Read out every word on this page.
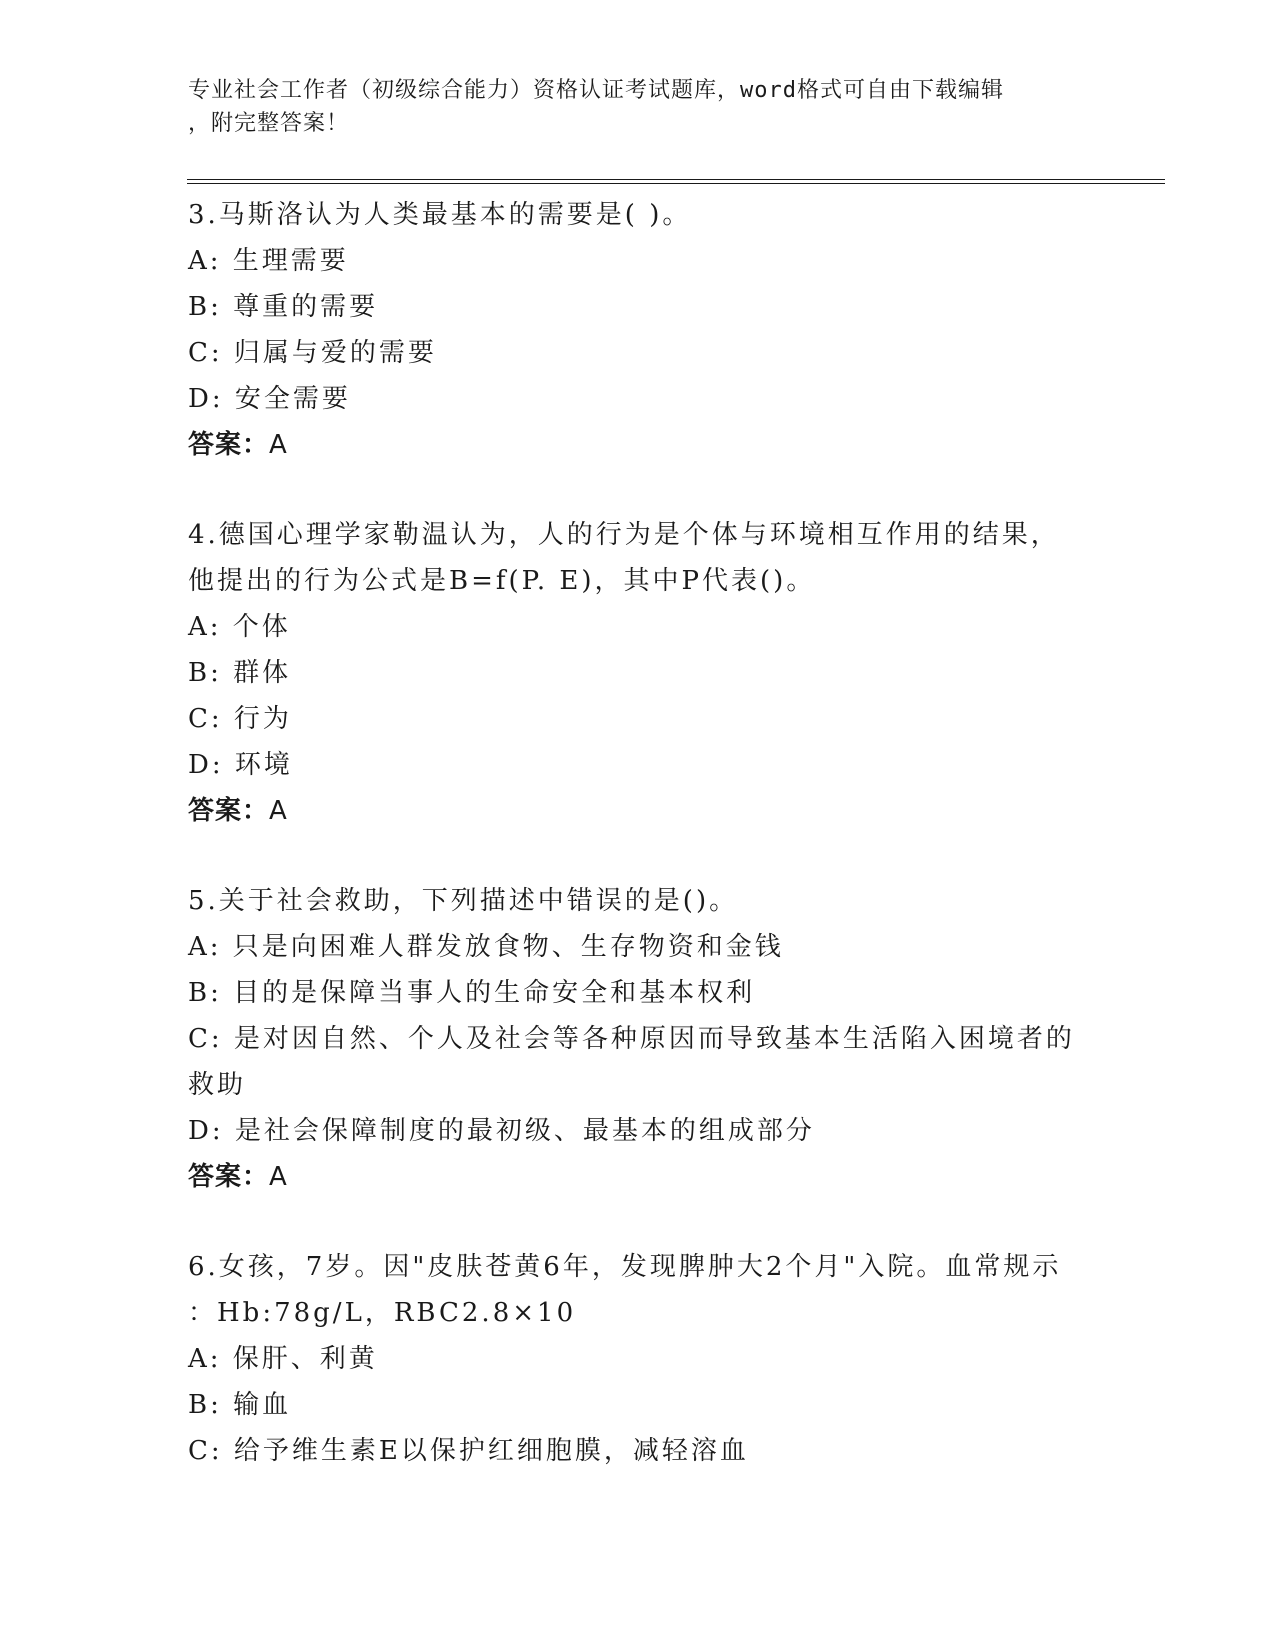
专业社会工作者（初级综合能力）资格认证考试题库，word格式可自由下载编辑
，附完整答案！
3.马斯洛认为人类最基本的需要是( )。
A: 生理需要
B: 尊重的需要
C: 归属与爱的需要
D: 安全需要
答案：A
4.德国心理学家勒温认为，人的行为是个体与环境相互作用的结果，
他提出的行为公式是B=f(P. E)，其中P代表()。
A: 个体
B: 群体
C: 行为
D: 环境
答案：A
5.关于社会救助，下列描述中错误的是()。
A: 只是向困难人群发放食物、生存物资和金钱
B: 目的是保障当事人的生命安全和基本权利
C: 是对因自然、个人及社会等各种原因而导致基本生活陷入困境者的
救助
D: 是社会保障制度的最初级、最基本的组成部分
答案：A
6.女孩，7岁。因"皮肤苍黄6年，发现脾肿大2个月"入院。血常规示
：Hb:78g/L，RBC2.8×10
A: 保肝、利黄
B: 输血
C: 给予维生素E以保护红细胞膜，减轻溶血
